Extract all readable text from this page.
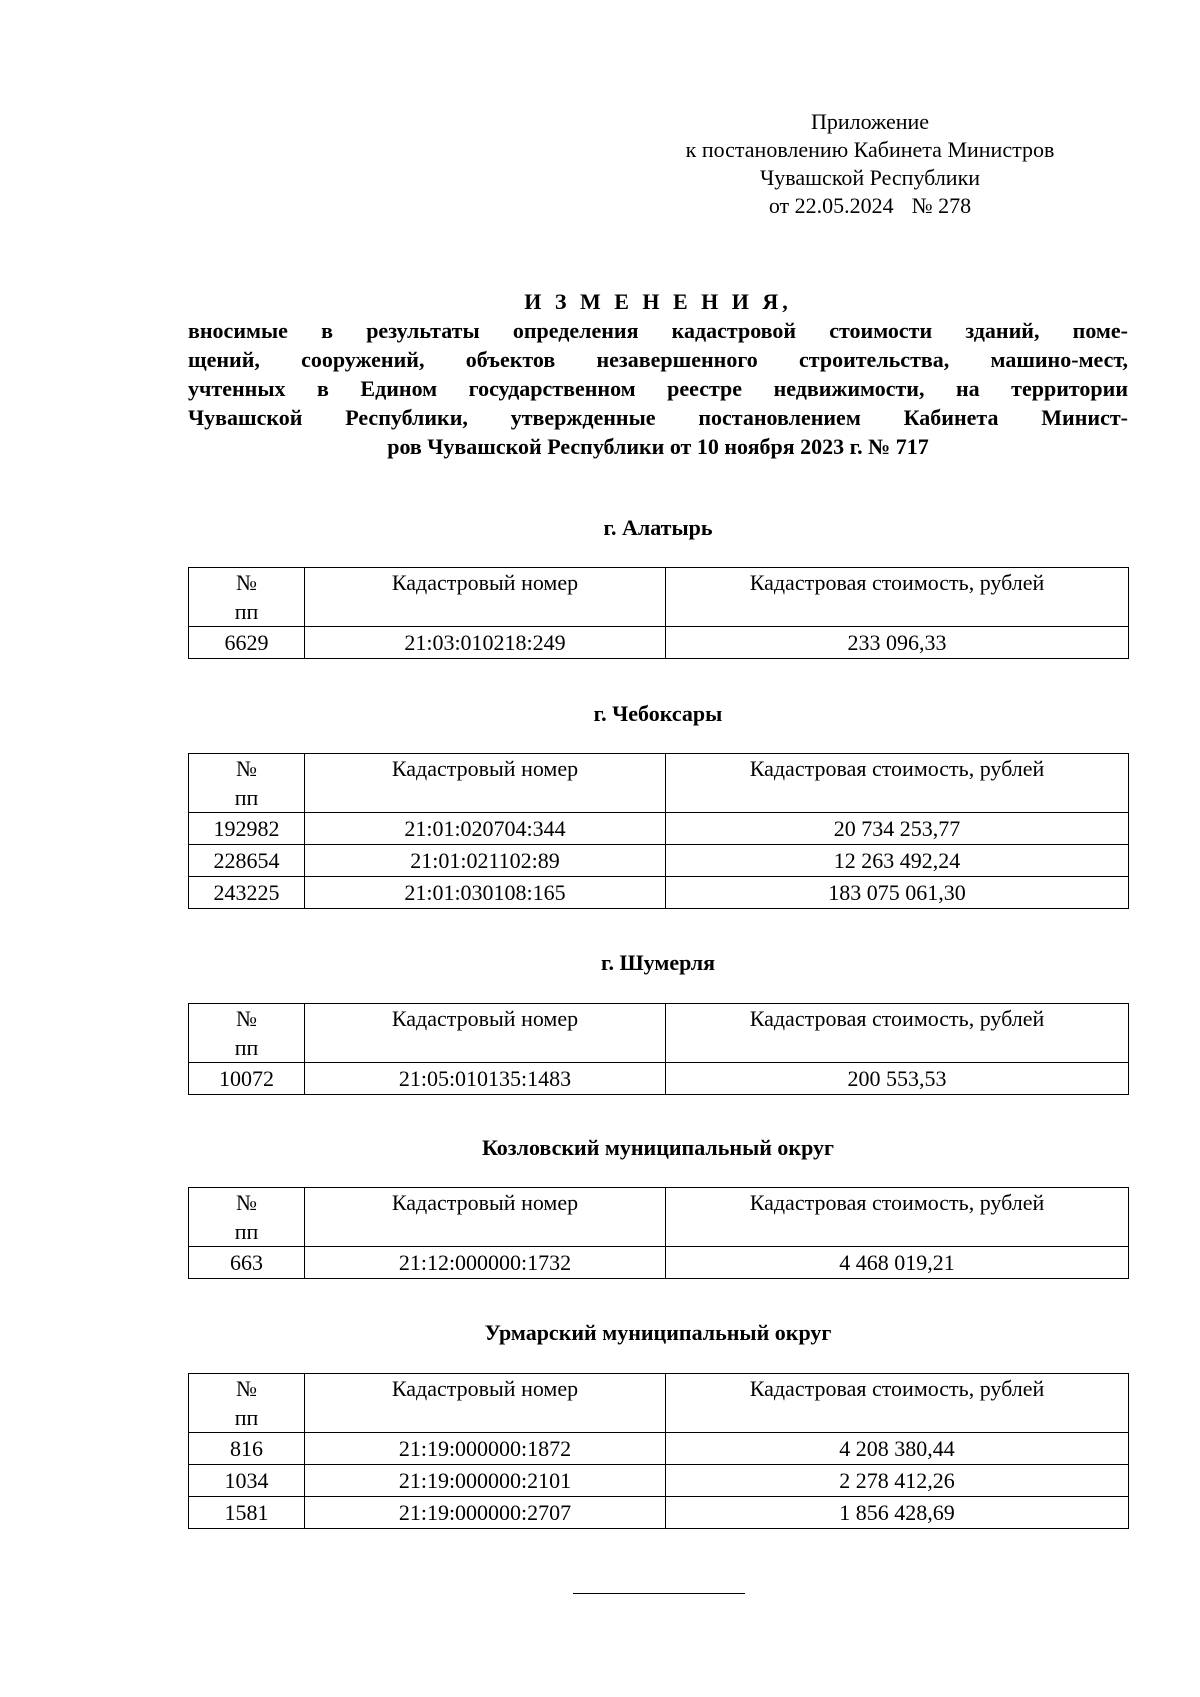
Приложение
к постановлению Кабинета Министров
Чувашской Республики
от 22.05.2024 № 278
И З М Е Н Е Н И Я,
вносимые в результаты определения кадастровой стоимости зданий, поме-
щений, сооружений, объектов незавершенного строительства, машино-мест,
учтенных в Едином государственном реестре недвижимости, на территории
Чувашской Республики, утвержденные постановлением Кабинета Минист-
ров Чувашской Республики от 10 ноября 2023 г. № 717
г. Алатырь
№
пп	Кадастровый номер	Кадастровая стоимость, рублей
6629	21:03:010218:249	233 096,33
г. Чебоксары
№
пп	Кадастровый номер	Кадастровая стоимость, рублей
192982	21:01:020704:344	20 734 253,77
228654	21:01:021102:89	12 263 492,24
243225	21:01:030108:165	183 075 061,30
г. Шумерля
№
пп	Кадастровый номер	Кадастровая стоимость, рублей
10072	21:05:010135:1483	200 553,53
Козловский муниципальный округ
№
пп	Кадастровый номер	Кадастровая стоимость, рублей
663	21:12:000000:1732	4 468 019,21
Урмарский муниципальный округ
№
пп	Кадастровый номер	Кадастровая стоимость, рублей
816	21:19:000000:1872	4 208 380,44
1034	21:19:000000:2101	2 278 412,26
1581	21:19:000000:2707	1 856 428,69
